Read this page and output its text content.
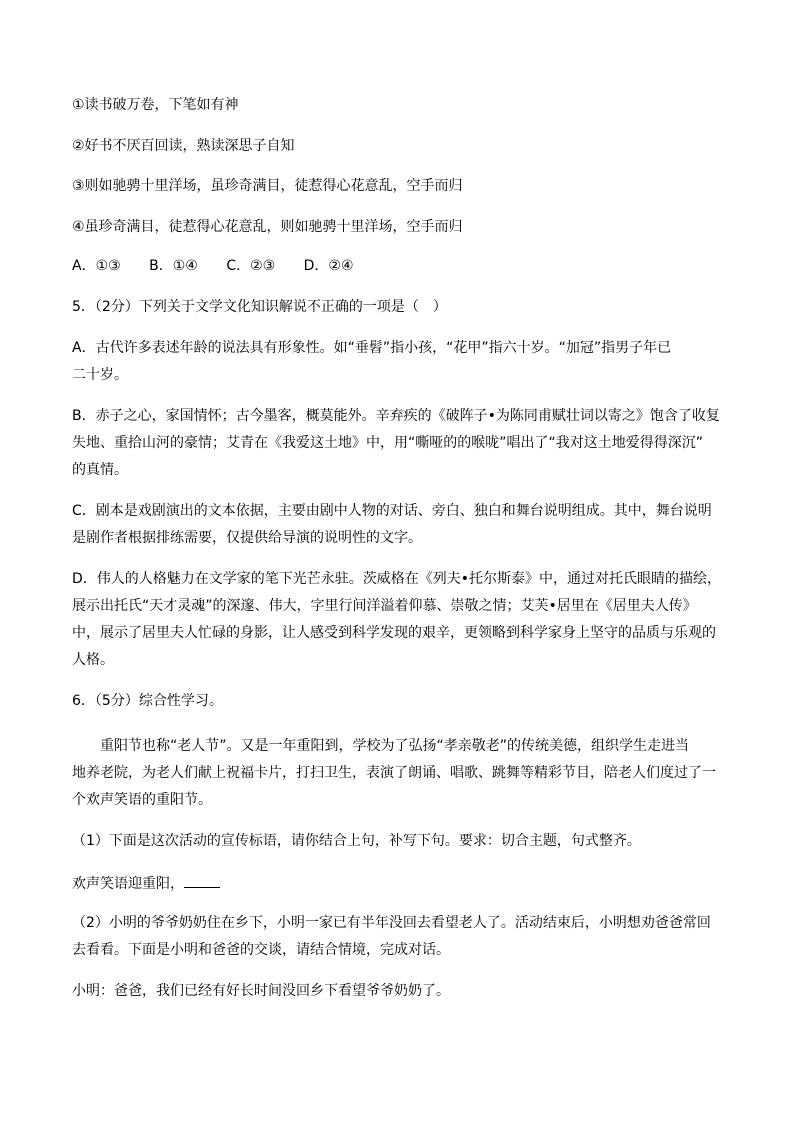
①读书破万卷，下笔如有神
②好书不厌百回读，熟读深思子自知
③则如驰骋十里洋场，虽珍奇满目，徒惹得心花意乱，空手而归
④虽珍奇满目，徒惹得心花意乱，则如驰骋十里洋场，空手而归
A．①③ B．①④ C．②③ D．②④
5．（2分）下列关于文学文化知识解说不正确的一项是（　）
A．古代许多表述年龄的说法具有形象性。如“垂髫”指小孩，“花甲”指六十岁。“加冠”指男子年已
二十岁。
B．赤子之心，家国情怀；古今墨客，概莫能外。辛弃疾的《破阵子•为陈同甫赋壮词以寄之》饱含了收复
失地、重拾山河的豪情；艾青在《我爱这土地》中，用“嘶哑的的喉咙”唱出了“我对这土地爱得得深沉”
的真情。
C．剧本是戏剧演出的文本依据，主要由剧中人物的对话、旁白、独白和舞台说明组成。其中，舞台说明
是剧作者根据排练需要，仅提供给导演的说明性的文字。
D．伟人的人格魅力在文学家的笔下光芒永驻。茨威格在《列夫•托尔斯泰》中，通过对托氏眼睛的描绘，
展示出托氏“天才灵魂”的深邃、伟大，字里行间洋溢着仰慕、崇敬之情；艾芙•居里在《居里夫人传》
中，展示了居里夫人忙碌的身影，让人感受到科学发现的艰辛，更领略到科学家身上坚守的品质与乐观的
人格。
6．（5分）综合性学习。
重阳节也称“老人节”。又是一年重阳到，学校为了弘扬“孝亲敬老”的传统美德，组织学生走进当
地养老院，为老人们献上祝福卡片，打扫卫生，表演了朗诵、唱歌、跳舞等精彩节目，陪老人们度过了一
个欢声笑语的重阳节。
（1）下面是这次活动的宣传标语，请你结合上句，补写下句。要求：切合主题，句式整齐。
欢声笑语迎重阳，
（2）小明的爷爷奶奶住在乡下，小明一家已有半年没回去看望老人了。活动结束后，小明想劝爸爸常回
去看看。下面是小明和爸爸的交谈，请结合情境，完成对话。
小明：爸爸，我们已经有好长时间没回乡下看望爷爷奶奶了。
